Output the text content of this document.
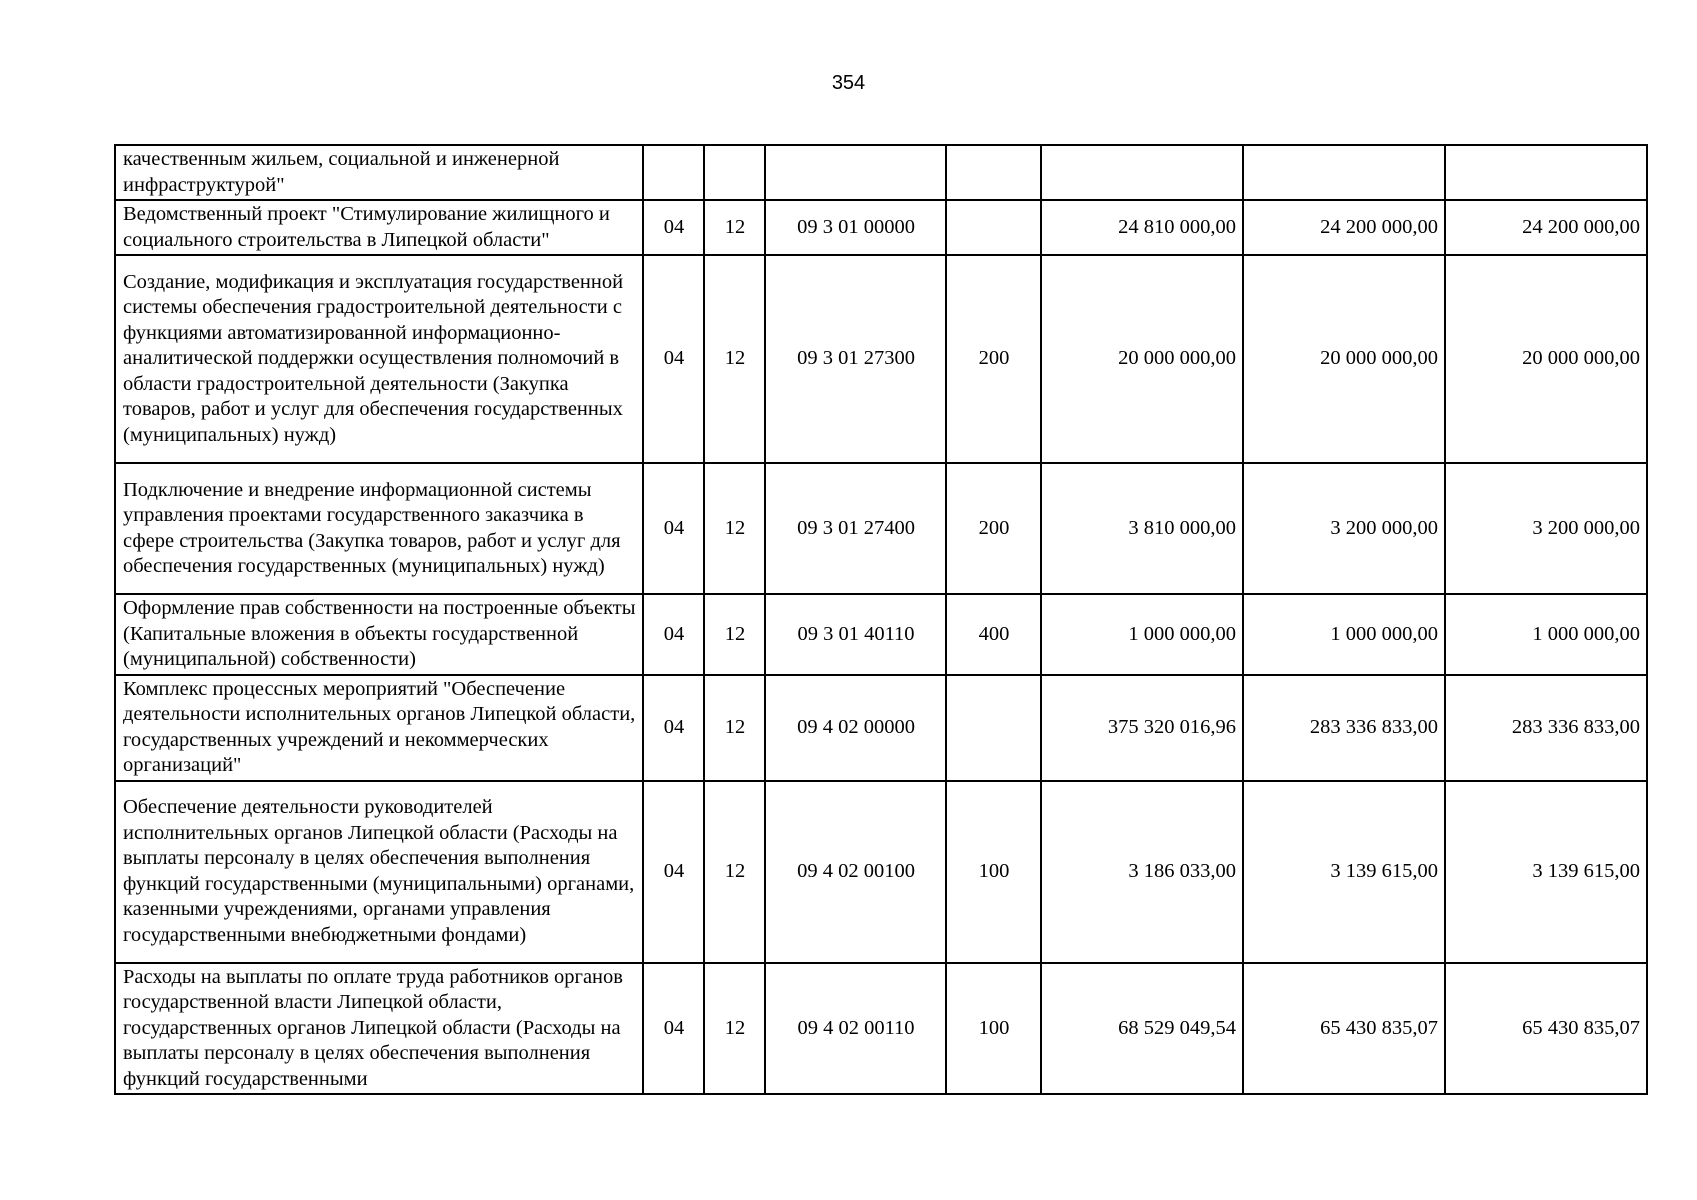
354
качественным жильем, социальной и инженерной инфраструктурой"							
Ведомственный проект "Стимулирование жилищного и социального строительства в Липецкой области"	04	12	09 3 01 00000		24 810 000,00	24 200 000,00	24 200 000,00
Создание, модификация и эксплуатация государственной системы обеспечения градостроительной деятельности с функциями автоматизированной информационно-аналитической поддержки осуществления полномочий в области градостроительной деятельности (Закупка товаров, работ и услуг для обеспечения государственных (муниципальных) нужд)	04	12	09 3 01 27300	200	20 000 000,00	20 000 000,00	20 000 000,00
Подключение и внедрение информационной системы управления проектами государственного заказчика в сфере строительства (Закупка товаров, работ и услуг для обеспечения государственных (муниципальных) нужд)	04	12	09 3 01 27400	200	3 810 000,00	3 200 000,00	3 200 000,00
Оформление прав собственности на построенные объекты (Капитальные вложения в объекты государственной (муниципальной) собственности)	04	12	09 3 01 40110	400	1 000 000,00	1 000 000,00	1 000 000,00
Комплекс процессных мероприятий "Обеспечение деятельности исполнительных органов Липецкой области, государственных учреждений и некоммерческих организаций"	04	12	09 4 02 00000		375 320 016,96	283 336 833,00	283 336 833,00
Обеспечение деятельности руководителей исполнительных органов Липецкой области (Расходы на выплаты персоналу в целях обеспечения выполнения функций государственными (муниципальными) органами, казенными учреждениями, органами управления государственными внебюджетными фондами)	04	12	09 4 02 00100	100	3 186 033,00	3 139 615,00	3 139 615,00
Расходы на выплаты по оплате труда работников органов государственной власти Липецкой области, государственных органов Липецкой области (Расходы на выплаты персоналу в целях обеспечения выполнения функций государственными	04	12	09 4 02 00110	100	68 529 049,54	65 430 835,07	65 430 835,07
